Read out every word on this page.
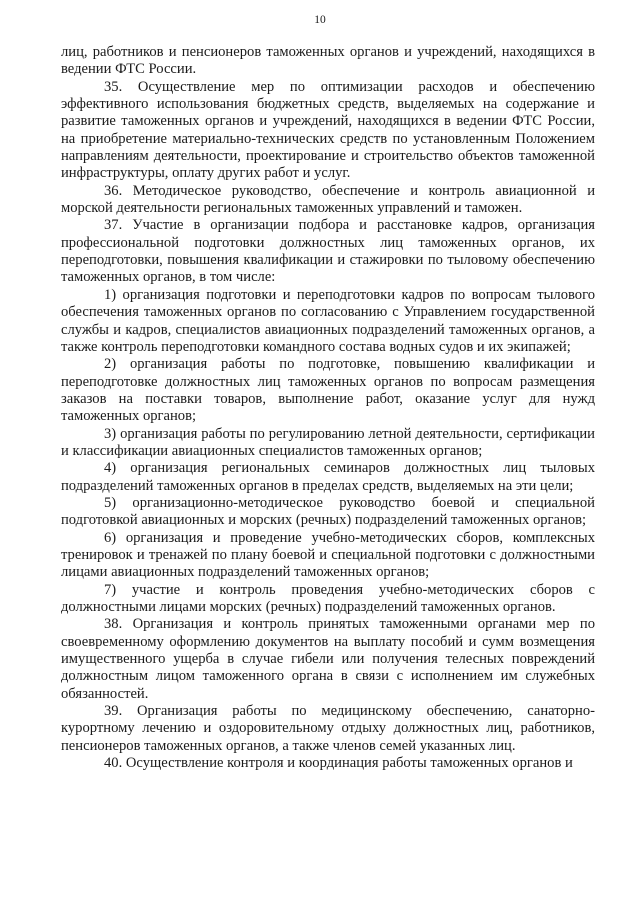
10

лиц, работников и пенсионеров таможенных органов и учреждений, находящихся в ведении ФТС России.

35. Осуществление мер по оптимизации расходов и обеспечению эффективного использования бюджетных средств, выделяемых на содержание и развитие таможенных органов и учреждений, находящихся в ведении ФТС России, на приобретение материально-технических средств по установленным Положением направлениям деятельности, проектирование и строительство объектов таможенной инфраструктуры, оплату других работ и услуг.

36. Методическое руководство, обеспечение и контроль авиационной и морской деятельности региональных таможенных управлений и таможен.

37. Участие в организации подбора и расстановке кадров, организация профессиональной подготовки должностных лиц таможенных органов, их переподготовки, повышения квалификации и стажировки по тыловому обеспечению таможенных органов, в том числе:

1) организация подготовки и переподготовки кадров по вопросам тылового обеспечения таможенных органов по согласованию с Управлением государственной службы и кадров, специалистов авиационных подразделений таможенных органов, а также контроль переподготовки командного состава водных судов и их экипажей;

2) организация работы по подготовке, повышению квалификации и переподготовке должностных лиц таможенных органов по вопросам размещения заказов на поставки товаров, выполнение работ, оказание услуг для нужд таможенных органов;

3) организация работы по регулированию летной деятельности, сертификации и классификации авиационных специалистов таможенных органов;

4) организация региональных семинаров должностных лиц тыловых подразделений таможенных органов в пределах средств, выделяемых на эти цели;

5) организационно-методическое руководство боевой и специальной подготовкой авиационных и морских (речных) подразделений таможенных органов;

6) организация и проведение учебно-методических сборов, комплексных тренировок и тренажей по плану боевой и специальной подготовки с должностными лицами авиационных подразделений таможенных органов;

7) участие и контроль проведения учебно-методических сборов с должностными лицами морских (речных) подразделений таможенных органов.

38. Организация и контроль принятых таможенными органами мер по своевременному оформлению документов на выплату пособий и сумм возмещения имущественного ущерба в случае гибели или получения телесных повреждений должностным лицом таможенного органа в связи с исполнением им служебных обязанностей.

39. Организация работы по медицинскому обеспечению, санаторно-курортному лечению и оздоровительному отдыху должностных лиц, работников, пенсионеров таможенных органов, а также членов семей указанных лиц.

40. Осуществление контроля и координация работы таможенных органов и
